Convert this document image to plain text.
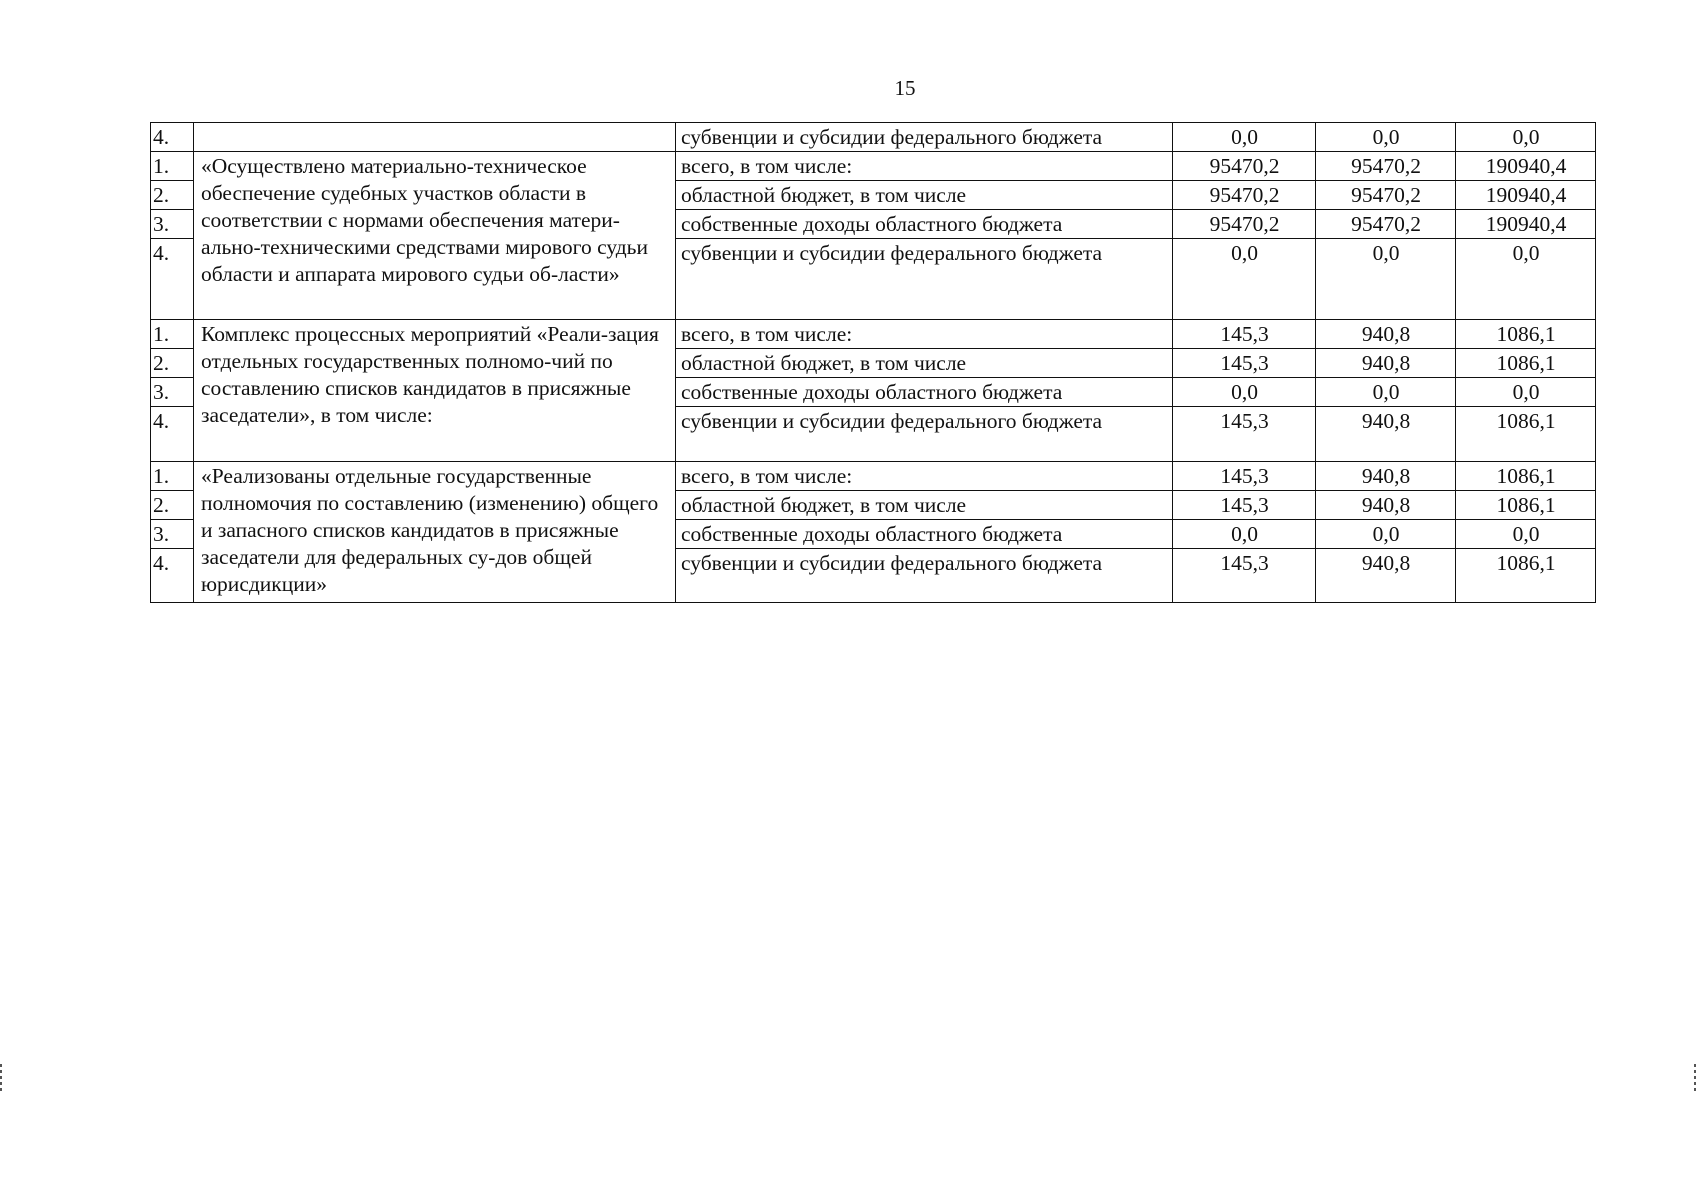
15
4.		субвенции и субсидии федерального бюджета	0,0	0,0	0,0
1.	«Осуществлено материально-техническое обеспечение судебных участков области в соответствии с нормами обеспечения матери-ально-техническими средствами мирового судьи области и аппарата мирового судьи об-ласти»	всего, в том числе:	95470,2	95470,2	190940,4
2.		областной бюджет, в том числе	95470,2	95470,2	190940,4
3.		собственные доходы областного бюджета	95470,2	95470,2	190940,4
4.		субвенции и субсидии федерального бюджета	0,0	0,0	0,0
1.	Комплекс процессных мероприятий «Реали-зация отдельных государственных полномо-чий по составлению списков кандидатов в присяжные заседатели», в том числе:	всего, в том числе:	145,3	940,8	1086,1
2.		областной бюджет, в том числе	145,3	940,8	1086,1
3.		собственные доходы областного бюджета	0,0	0,0	0,0
4.		субвенции и субсидии федерального бюджета	145,3	940,8	1086,1
1.	«Реализованы отдельные государственные полномочия по составлению (изменению) общего и запасного списков кандидатов в присяжные заседатели для федеральных су-дов общей юрисдикции»	всего, в том числе:	145,3	940,8	1086,1
2.		областной бюджет, в том числе	145,3	940,8	1086,1
3.		собственные доходы областного бюджета	0,0	0,0	0,0
4.		субвенции и субсидии федерального бюджета	145,3	940,8	1086,1
